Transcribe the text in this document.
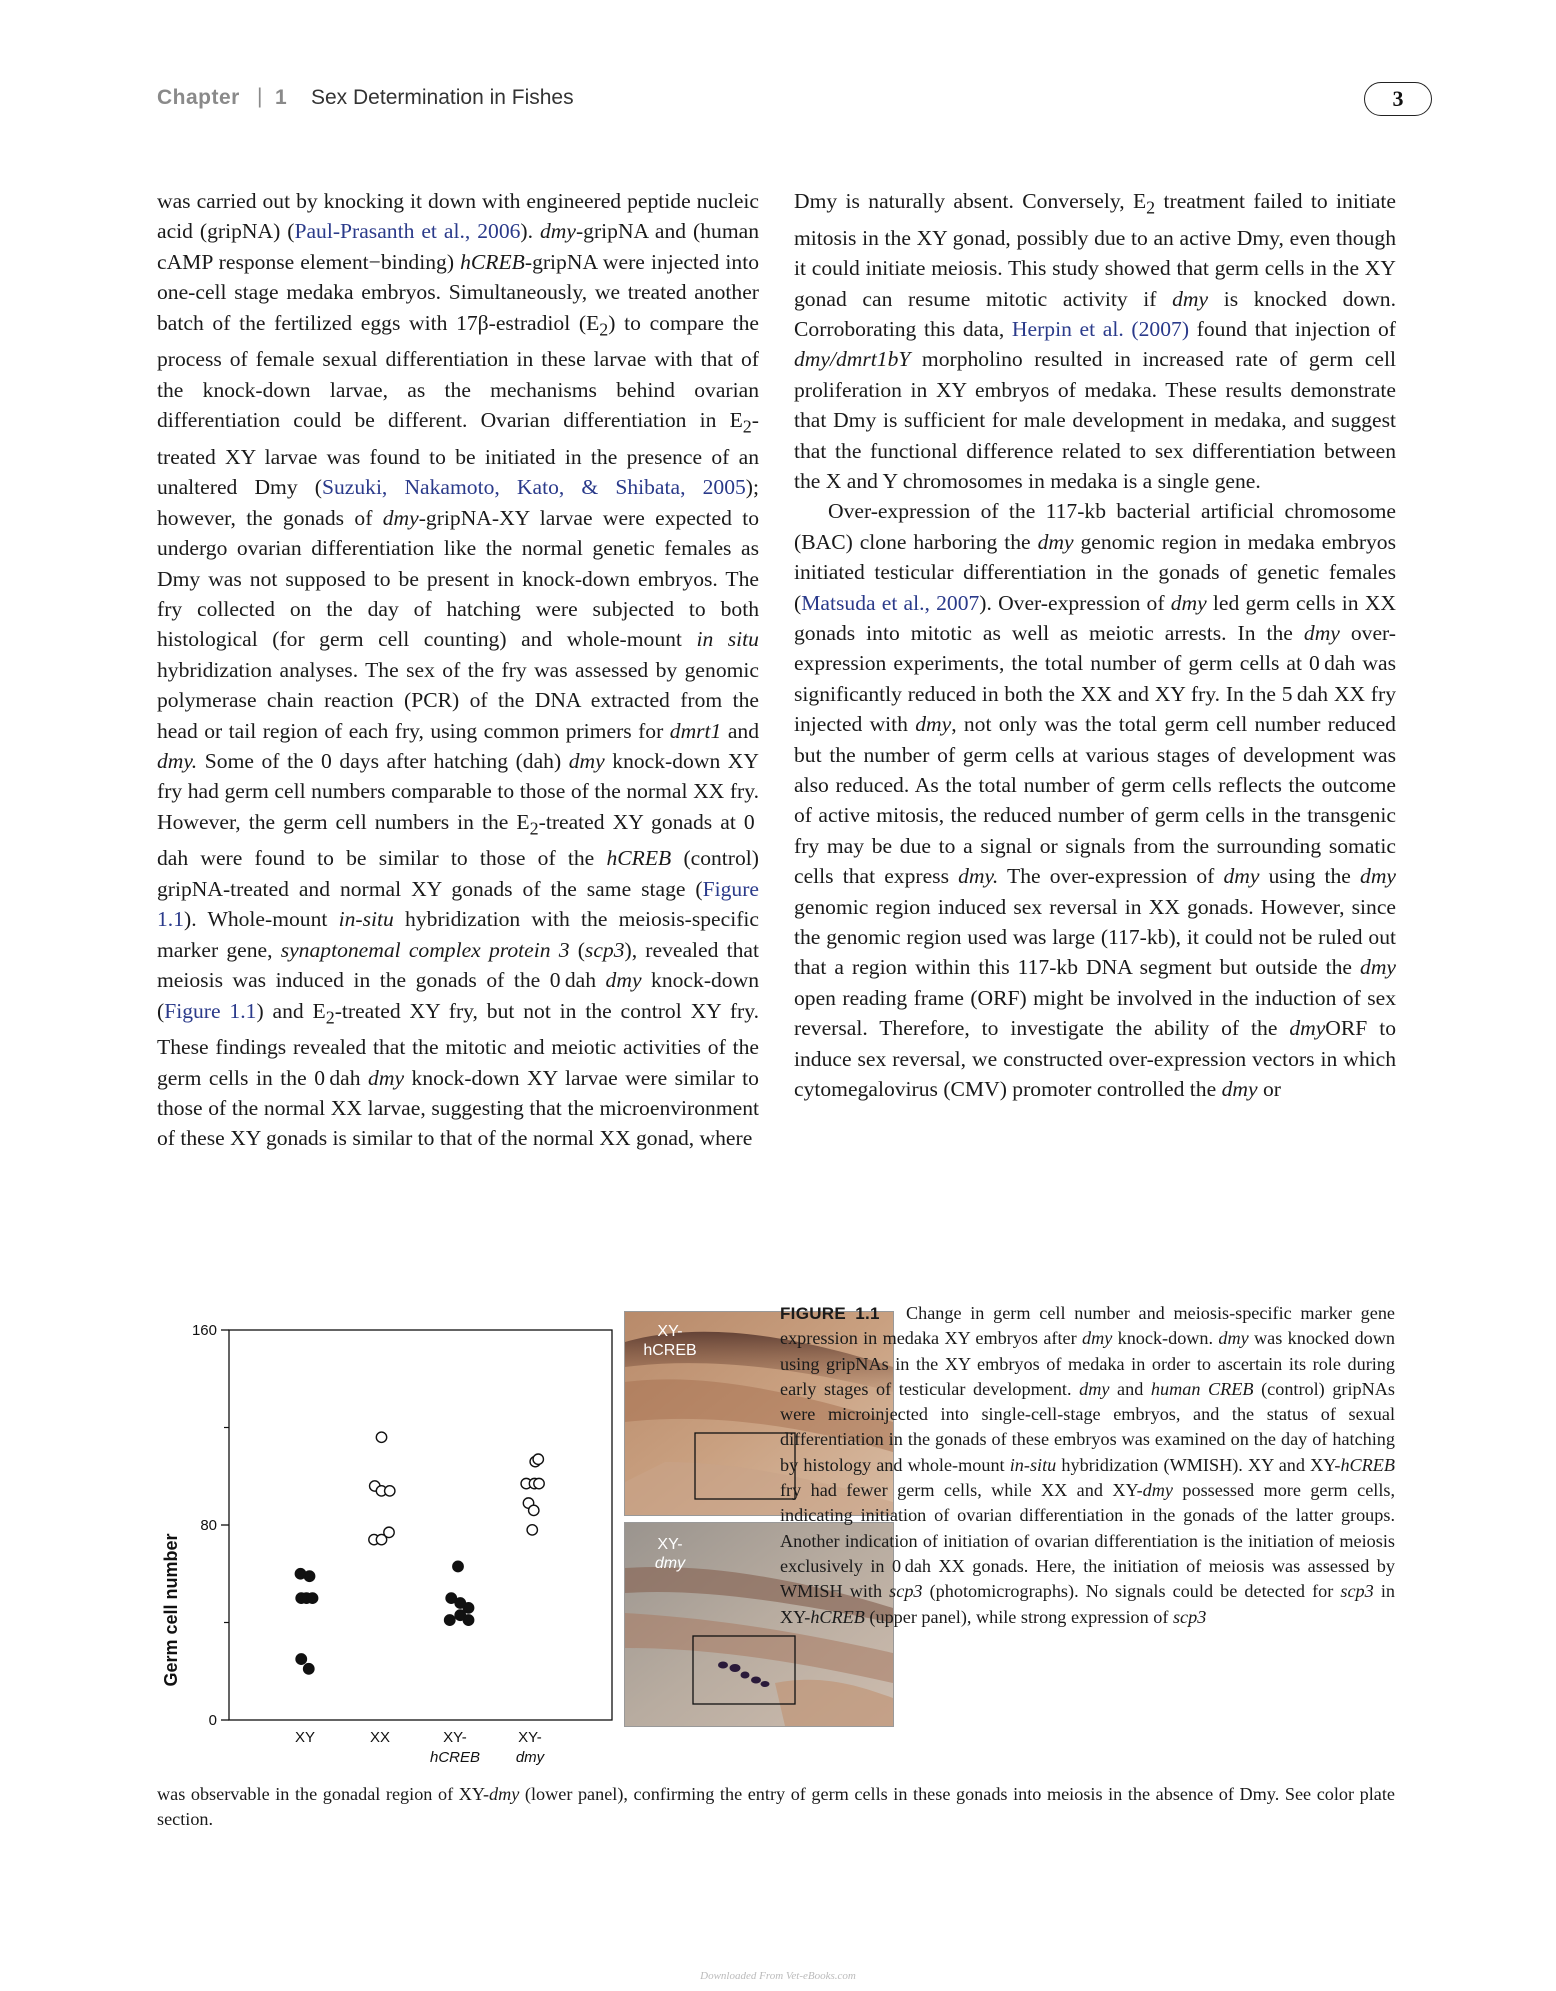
Chapter | 1 Sex Determination in Fishes	3

was carried out by knocking it down with engineered peptide nucleic acid (gripNA) (Paul-Prasanth et al., 2006). dmy-gripNA and (human cAMP response element−binding) hCREB-gripNA were injected into one-cell stage medaka embryos. Simultaneously, we treated another batch of the fertilized eggs with 17β-estradiol $(E_2)$ to compare the process of female sexual differentiation in these larvae with that of the knock-down larvae, as the mechanisms behind ovarian differentiation could be different. Ovarian differentiation in $E_2$-treated XY larvae was found to be initiated in the presence of an unaltered Dmy (Suzuki, Nakamoto, Kato, & Shibata, 2005); however, the gonads of dmy-gripNA-XY larvae were expected to undergo ovarian differentiation like the normal genetic females as Dmy was not supposed to be present in knock-down embryos. The fry collected on the day of hatching were subjected to both histological (for germ cell counting) and whole-mount in situ hybridization analyses. The sex of the fry was assessed by genomic polymerase chain reaction (PCR) of the DNA extracted from the head or tail region of each fry, using common primers for dmrt1 and dmy. Some of the 0 days after hatching (dah) dmy knock-down XY fry had germ cell numbers comparable to those of the normal XX fry. However, the germ cell numbers in the $E_2$-treated XY gonads at 0 dah were found to be similar to those of the hCREB (control) gripNA-treated and normal XY gonads of the same stage (Figure 1.1). Whole-mount in-situ hybridization with the meiosis-specific marker gene, synaptonemal complex protein 3 (scp3), revealed that meiosis was induced in the gonads of the 0 dah dmy knock-down (Figure 1.1) and $E_2$-treated XY fry, but not in the control XY fry. These findings revealed that the mitotic and meiotic activities of the germ cells in the 0 dah dmy knock-down XY larvae were similar to those of the normal XX larvae, suggesting that the microenvironment of these XY gonads is similar to that of the normal XX gonad, where

Dmy is naturally absent. Conversely, $E_2$ treatment failed to initiate mitosis in the XY gonad, possibly due to an active Dmy, even though it could initiate meiosis. This study showed that germ cells in the XY gonad can resume mitotic activity if dmy is knocked down. Corroborating this data, Herpin et al. (2007) found that injection of dmy/dmrt1bY morpholino resulted in increased rate of germ cell proliferation in XY embryos of medaka. These results demonstrate that Dmy is sufficient for male development in medaka, and suggest that the functional difference related to sex differentiation between the X and Y chromosomes in medaka is a single gene.

Over-expression of the 117-kb bacterial artificial chromosome (BAC) clone harboring the dmy genomic region in medaka embryos initiated testicular differentiation in the gonads of genetic females (Matsuda et al., 2007). Over-expression of dmy led germ cells in XX gonads into mitotic as well as meiotic arrests. In the dmy over-expression experiments, the total number of germ cells at 0 dah was significantly reduced in both the XX and XY fry. In the 5 dah XX fry injected with dmy, not only was the total germ cell number reduced but the number of germ cells at various stages of development was also reduced. As the total number of germ cells reflects the outcome of active mitosis, the reduced number of germ cells in the transgenic fry may be due to a signal or signals from the surrounding somatic cells that express dmy. The over-expression of dmy using the dmy genomic region induced sex reversal in XX gonads. However, since the genomic region used was large (117-kb), it could not be ruled out that a region within this 117-kb DNA segment but outside the dmy open reading frame (ORF) might be involved in the induction of sex reversal. Therefore, to investigate the ability of the dmyORF to induce sex reversal, we constructed over-expression vectors in which cytomegalovirus (CMV) promoter controlled the dmy or

0
80
160
XY	XX	XY-
hCREB
XY-
dmy
Germ cell number
XY-
hCREB
XY-
dmy
FIGURE 1.1 Change in germ cell number and meiosis-specific marker gene expression in medaka XY embryos after dmy knock-down. dmy was knocked down using gripNAs in the XY embryos of medaka in order to ascertain its role during early stages of testicular development. dmy and human CREB (control) gripNAs were microinjected into single-cell-stage embryos, and the status of sexual differentiation in the gonads of these embryos was examined on the day of hatching by histology and whole-mount in-situ hybridization (WMISH). XY and XY-hCREB fry had fewer germ cells, while XX and XY-dmy possessed more germ cells, indicating initiation of ovarian differentiation in the gonads of the latter groups. Another indication of initiation of ovarian differentiation is the initiation of meiosis exclusively in 0 dah XX gonads. Here, the initiation of meiosis was assessed by WMISH with scp3 (photomicrographs). No signals could be detected for scp3 in XY-hCREB (upper panel), while strong expression of scp3
was observable in the gonadal region of XY-dmy (lower panel), confirming the entry of germ cells in these gonads into meiosis in the absence of Dmy. See color plate section.
Downloaded From Vet-eBooks.com
